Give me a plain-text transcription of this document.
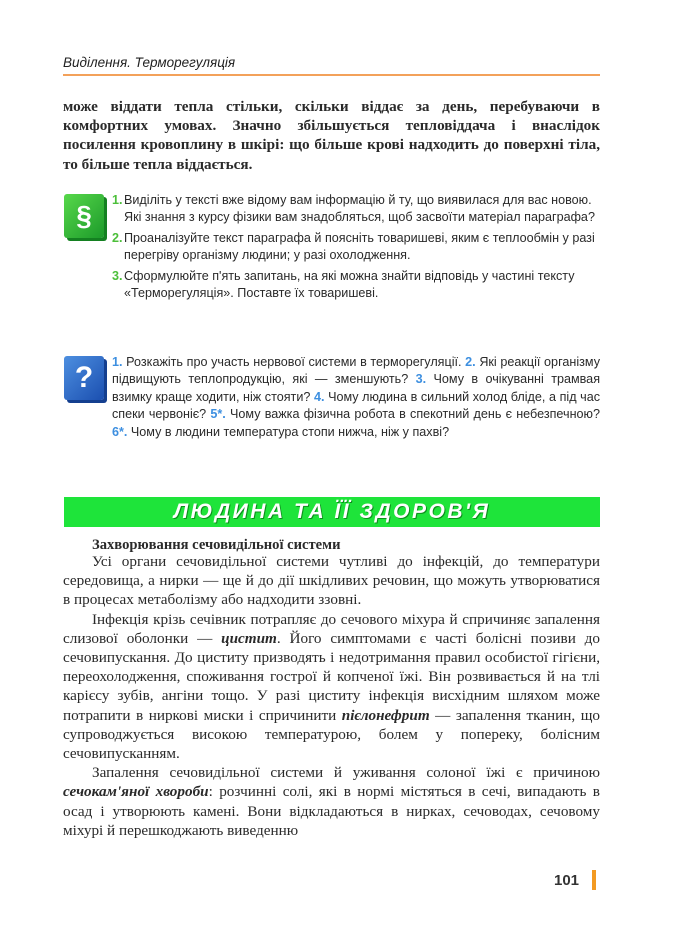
Виділення. Терморегуляція
може віддати тепла стільки, скільки віддає за день, перебуваючи в комфортних умовах. Значно збільшується тепловіддача і внаслідок посилення кровоплину в шкірі: що більше крові надходить до поверхні тіла, то більше тепла віддається.
§	1. Виділіть у тексті вже відому вам інформацію й ту, що виявилася для вас новою. Які знання з курсу фізики вам знадобляться, щоб засвоїти матеріал параграфа?
2. Проаналізуйте текст параграфа й поясніть товаришеві, яким є теплообмін у разі перегріву організму людини; у разі охолодження.
3. Сформулюйте п'ять запитань, на які можна знайти відповідь у частині тексту «Терморегуляція». Поставте їх товаришеві.
?	1. Розкажіть про участь нервової системи в терморегуляції. 2. Які реакції організму підвищують теплопродукцію, які — зменшують? 3. Чому в очікуванні трамвая взимку краще ходити, ніж стояти? 4. Чому людина в сильний холод бліде, а під час спеки червоніє? 5*. Чому важка фізична робота в спекотний день є небезпечною? 6*. Чому в людини температура стопи нижча, ніж у пахві?
ЛЮДИНА ТА ЇЇ ЗДОРОВ'Я
Захворювання сечовидільної системи

Усі органи сечовидільної системи чутливі до інфекцій, до температури середовища, а нирки — ще й до дії шкідливих речовин, що можуть утворюватися в процесах метаболізму або надходити ззовні.

Інфекція крізь сечівник потрапляє до сечового міхура й спричиняє запалення слизової оболонки — цистит. Його симптомами є часті болісні позиви до сечовипускання. До циститу призводять і недотримання правил особистої гігієни, переохолодження, споживання гострої й копченої їжі. Він розвивається й на тлі карієсу зубів, ангіни тощо. У разі циститу інфекція висхідним шляхом може потрапити в ниркові миски і спричинити пієлонефрит — запалення тканин, що супроводжується високою температурою, болем у попереку, болісним сечовипусканням.

Запалення сечовидільної системи й уживання солоної їжі є причиною сечокам'яної хвороби: розчинні солі, які в нормі містяться в сечі, випадають в осад і утворюють камені. Вони відкладаються в нирках, сечоводах, сечовому міхурі й перешкоджають виведенню

101
